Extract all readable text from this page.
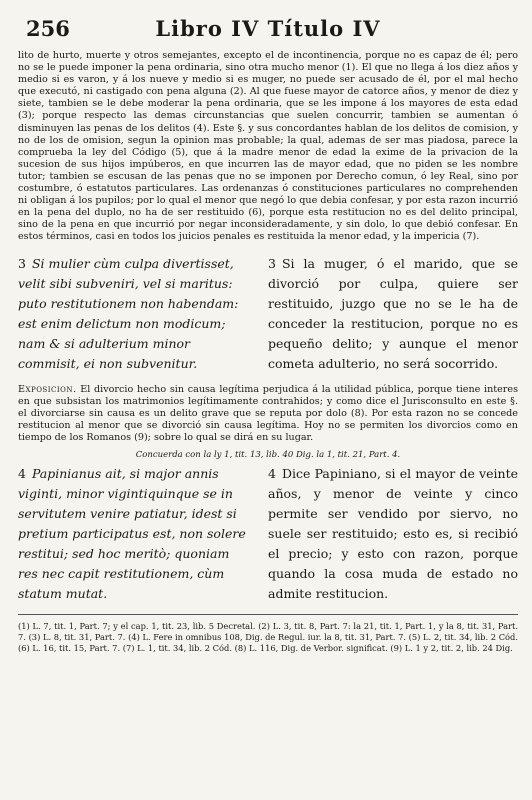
256	Libro IV Título IV

lito de hurto, muerte y otros semejantes, excepto el de incontinencia, porque no es capaz de él; pero no se le puede imponer la pena ordinaria, sino otra mucho menor (1). El que no llega á los diez años y medio si es varon, y á los nueve y medio si es muger, no puede ser acusado de él, por el mal hecho que executó, ni castigado con pena alguna (2). Al que fuese mayor de catorce años, y menor de diez y siete, tambien se le debe moderar la pena ordinaria, que se les impone á los mayores de esta edad (3); porque respecto las demas circunstancias que suelen concurrir, tambien se aumentan ó disminuyen las penas de los delitos (4). Este §. y sus concordantes hablan de los delitos de comision, y no de los de omision, segun la opinion mas probable; la qual, ademas de ser mas piadosa, parece la comprueba la ley del Código (5), que á la madre menor de edad la exime de la privacion de la sucesion de sus hijos impúberos, en que incurren las de mayor edad, que no piden se les nombre tutor; tambien se escusan de las penas que no se imponen por Derecho comun, ó ley Real, sino por costumbre, ó estatutos particulares. Las ordenanzas ó constituciones particulares no comprehenden ni obligan á los pupilos; por lo qual el menor que negó lo que debia confesar, y por esta razon incurrió en la pena del duplo, no ha de ser restituido (6), porque esta restitucion no es del delito principal, sino de la pena en que incurrió por negar inconsideradamente, y sin dolo, lo que debió confesar. En estos términos, casi en todos los juicios penales es restituida la menor edad, y la impericia (7).

3 Si mulier cùm culpa divertisset, velit sibi subveniri, vel si maritus: puto restitutionem non habendam: est enim delictum non modicum; nam & si adulterium minor commisit, ei non subvenitur.

3 Si la muger, ó el marido, que se divorció por culpa, quiere ser restituido, juzgo que no se le ha de conceder la restitucion, porque no es pequeño delito; y aunque el menor cometa adulterio, no será socorrido.

Exposicion. El divorcio hecho sin causa legítima perjudica á la utilidad pública, porque tiene interes en que subsistan los matrimonios legítimamente contrahidos; y como dice el Jurisconsulto en este §. el divorciarse sin causa es un delito grave que se reputa por dolo (8). Por esta razon no se concede restitucion al menor que se divorció sin causa legítima. Hoy no se permiten los divorcios como en tiempo de los Romanos (9); sobre lo qual se dirá en su lugar.

Concuerda con la ly 1, tit. 13, lib. 40 Dig. la 1, tit. 21, Part. 4.

4 Papinianus ait, si major annis viginti, minor vigintiquinque se in servitutem venire patiatur, idest si pretium participatus est, non solere restitui; sed hoc meritò; quoniam res nec capit restitutionem, cùm statum mutat.

4 Dice Papiniano, si el mayor de veinte años, y menor de veinte y cinco permite ser vendido por siervo, no suele ser restituido; esto es, si recibió el precio; y esto con razon, porque quando la cosa muda de estado no admite restitucion.

(1) L. 7, tit. 1, Part. 7; y el cap. 1, tit. 23, lib. 5 Decretal. (2) L. 3, tit. 8, Part. 7: la 21, tit. 1, Part. 1, y la 8, tit. 31, Part. 7. (3) L. 8, tit. 31, Part. 7. (4) L. Fere in omnibus 108, Dig. de Regul. iur. la 8, tit. 31, Part. 7. (5) L. 2, tit. 34, lib. 2 Cód. (6) L. 16, tit. 15, Part. 7. (7) L. 1, tit. 34, lib. 2 Cód. (8) L. 116, Dig. de Verbor. significat. (9) L. 1 y 2, tit. 2, lib. 24 Dig.
